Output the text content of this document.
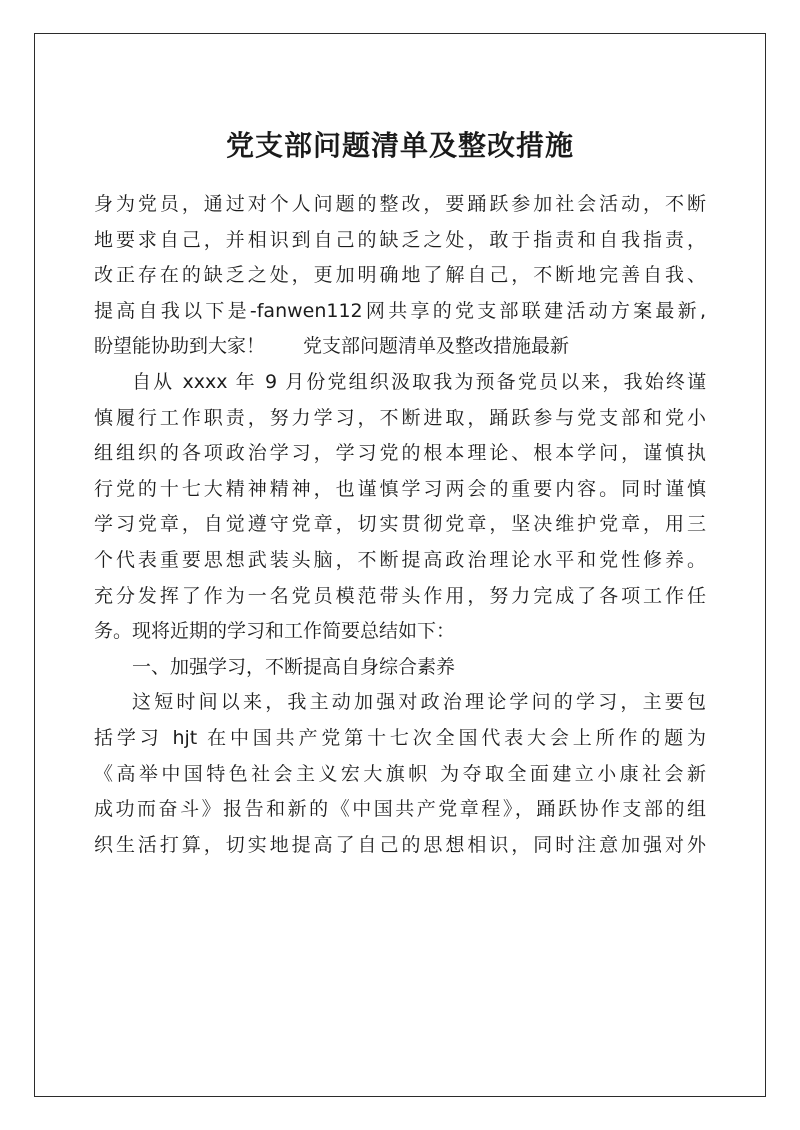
党支部问题清单及整改措施
身为党员，通过对个人问题的整改，要踊跃参加社会活动，不断
地要求自己，并相识到自己的缺乏之处，敢于指责和自我指责，
改正存在的缺乏之处，更加明确地了解自己，不断地完善自我、
提高自我以下是-fanwen112网共享的党支部联建活动方案最新,
盼望能协助到大家！　　党支部问题清单及整改措施最新
自从 xxxx 年 9 月份党组织汲取我为预备党员以来，我始终谨
慎履行工作职责，努力学习，不断进取，踊跃参与党支部和党小
组组织的各项政治学习，学习党的根本理论、根本学问，谨慎执
行党的十七大精神精神，也谨慎学习两会的重要内容。同时谨慎
学习党章，自觉遵守党章，切实贯彻党章，坚决维护党章，用三
个代表重要思想武装头脑，不断提高政治理论水平和党性修养。
充分发挥了作为一名党员模范带头作用，努力完成了各项工作任
务。现将近期的学习和工作简要总结如下：
一、加强学习，不断提高自身综合素养
这短时间以来，我主动加强对政治理论学问的学习，主要包
括学习 hjt 在中国共产党第十七次全国代表大会上所作的题为
《高举中国特色社会主义宏大旗帜 为夺取全面建立小康社会新
成功而奋斗》报告和新的《中国共产党章程》，踊跃协作支部的组
织生活打算，切实地提高了自己的思想相识，同时注意加强对外
